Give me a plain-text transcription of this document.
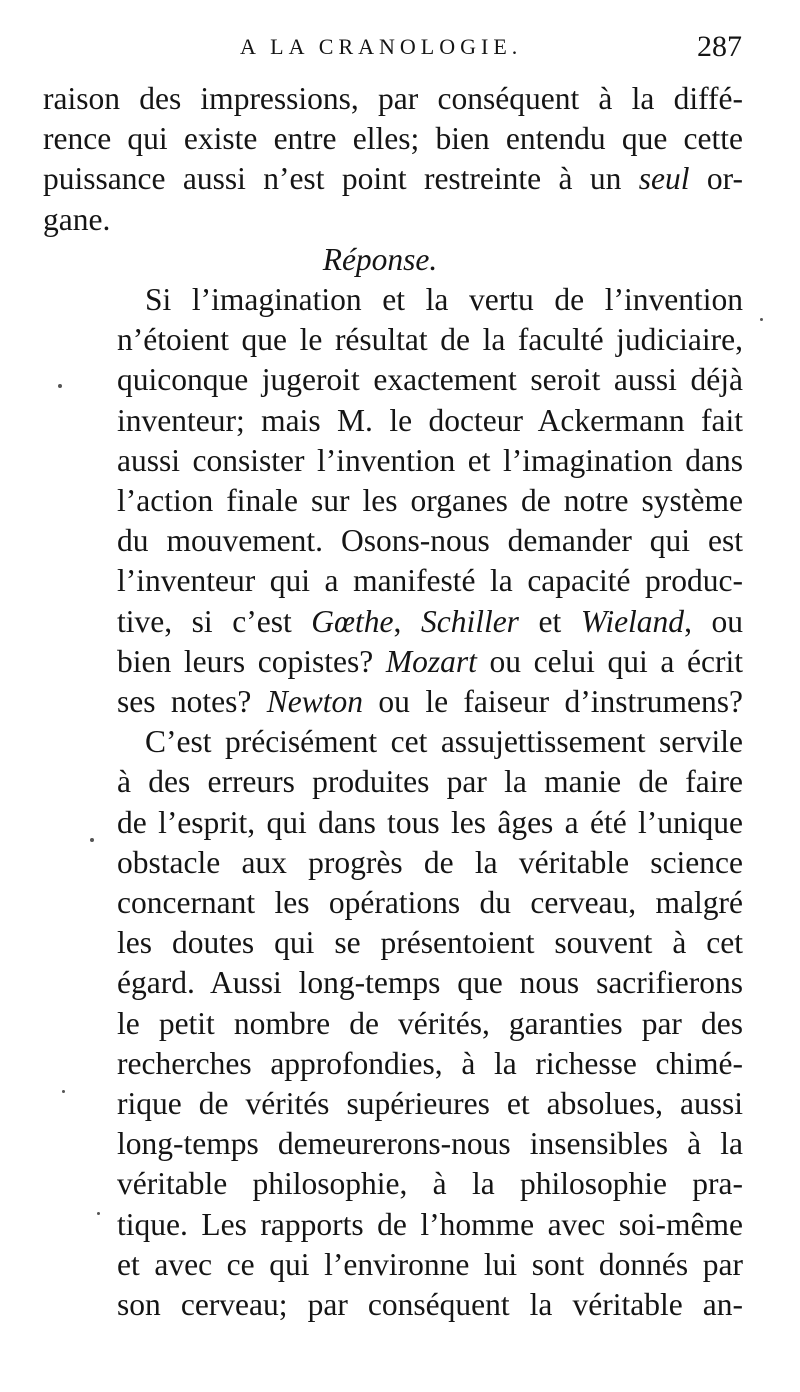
A LA CRANOLOGIE.	287
raison des impressions, par conséquent à la diffé-
rence qui existe entre elles; bien entendu que cette
puissance aussi n’est point restreinte à un seul or-
gane.
Réponse.
Si l’imagination et la vertu de l’invention
n’étoient que le résultat de la faculté judiciaire,
quiconque jugeroit exactement seroit aussi déjà
inventeur; mais M. le docteur Ackermann fait
aussi consister l’invention et l’imagination dans
l’action finale sur les organes de notre système
du mouvement. Osons-nous demander qui est
l’inventeur qui a manifesté la capacité produc-
tive, si c’est Gœthe, Schiller et Wieland, ou
bien leurs copistes? Mozart ou celui qui a écrit
ses notes? Newton ou le faiseur d’instrumens?
C’est précisément cet assujettissement servile
à des erreurs produites par la manie de faire
de l’esprit, qui dans tous les âges a été l’unique
obstacle aux progrès de la véritable science
concernant les opérations du cerveau, malgré
les doutes qui se présentoient souvent à cet
égard. Aussi long-temps que nous sacrifierons
le petit nombre de vérités, garanties par des
recherches approfondies, à la richesse chimé-
rique de vérités supérieures et absolues, aussi
long-temps demeurerons-nous insensibles à la
véritable philosophie, à la philosophie pra-
tique. Les rapports de l’homme avec soi-même
et avec ce qui l’environne lui sont donnés par
son cerveau; par conséquent la véritable an-
